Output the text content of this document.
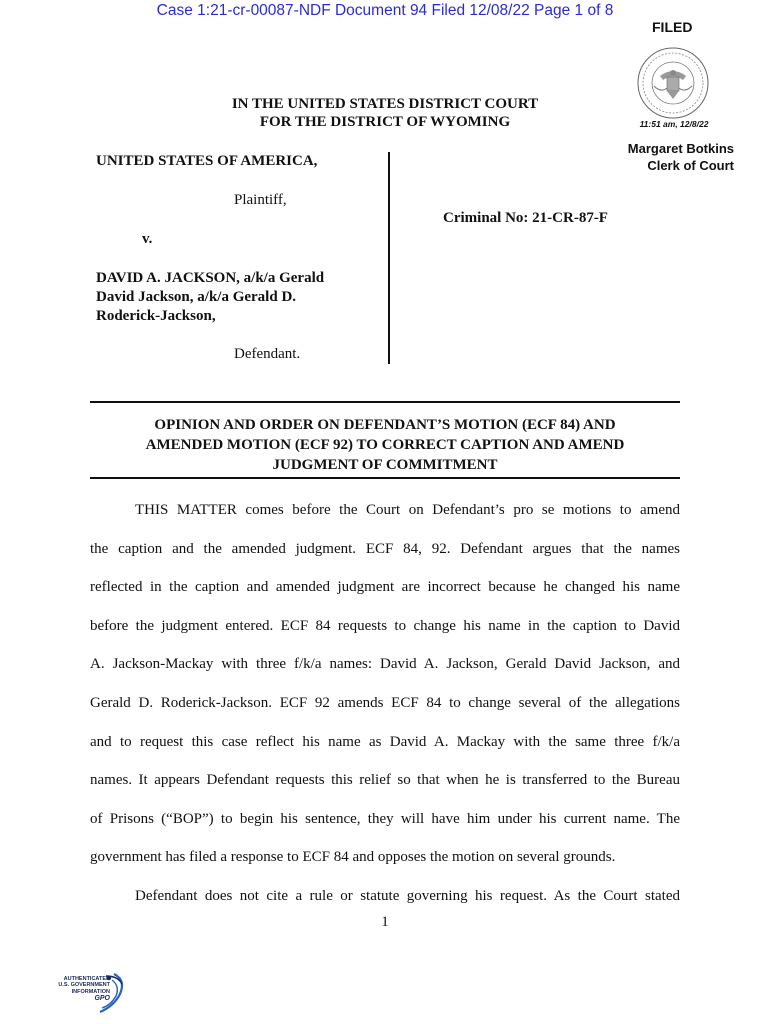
Case 1:21-cr-00087-NDF Document 94 Filed 12/08/22 Page 1 of 8
FILED
11:51 am, 12/8/22
Margaret Botkins
Clerk of Court
IN THE UNITED STATES DISTRICT COURT
FOR THE DISTRICT OF WYOMING
UNITED STATES OF AMERICA,
Plaintiff,
v.
DAVID A. JACKSON, a/k/a Gerald
David Jackson, a/k/a Gerald D.
Roderick-Jackson,
Defendant.
Criminal No: 21-CR-87-F
OPINION AND ORDER ON DEFENDANT’S MOTION (ECF 84) AND
AMENDED MOTION (ECF 92) TO CORRECT CAPTION AND AMEND
JUDGMENT OF COMMITMENT
THIS MATTER comes before the Court on Defendant’s pro se motions to amend
the caption and the amended judgment. ECF 84, 92. Defendant argues that the names
reflected in the caption and amended judgment are incorrect because he changed his name
before the judgment entered. ECF 84 requests to change his name in the caption to David
A. Jackson-Mackay with three f/k/a names: David A. Jackson, Gerald David Jackson, and
Gerald D. Roderick-Jackson. ECF 92 amends ECF 84 to change several of the allegations
and to request this case reflect his name as David A. Mackay with the same three f/k/a
names. It appears Defendant requests this relief so that when he is transferred to the Bureau
of Prisons (“BOP”) to begin his sentence, they will have him under his current name. The
government has filed a response to ECF 84 and opposes the motion on several grounds.
Defendant does not cite a rule or statute governing his request. As the Court stated
1
AUTHENTICATED
U.S. GOVERNMENT
INFORMATION
GPO
